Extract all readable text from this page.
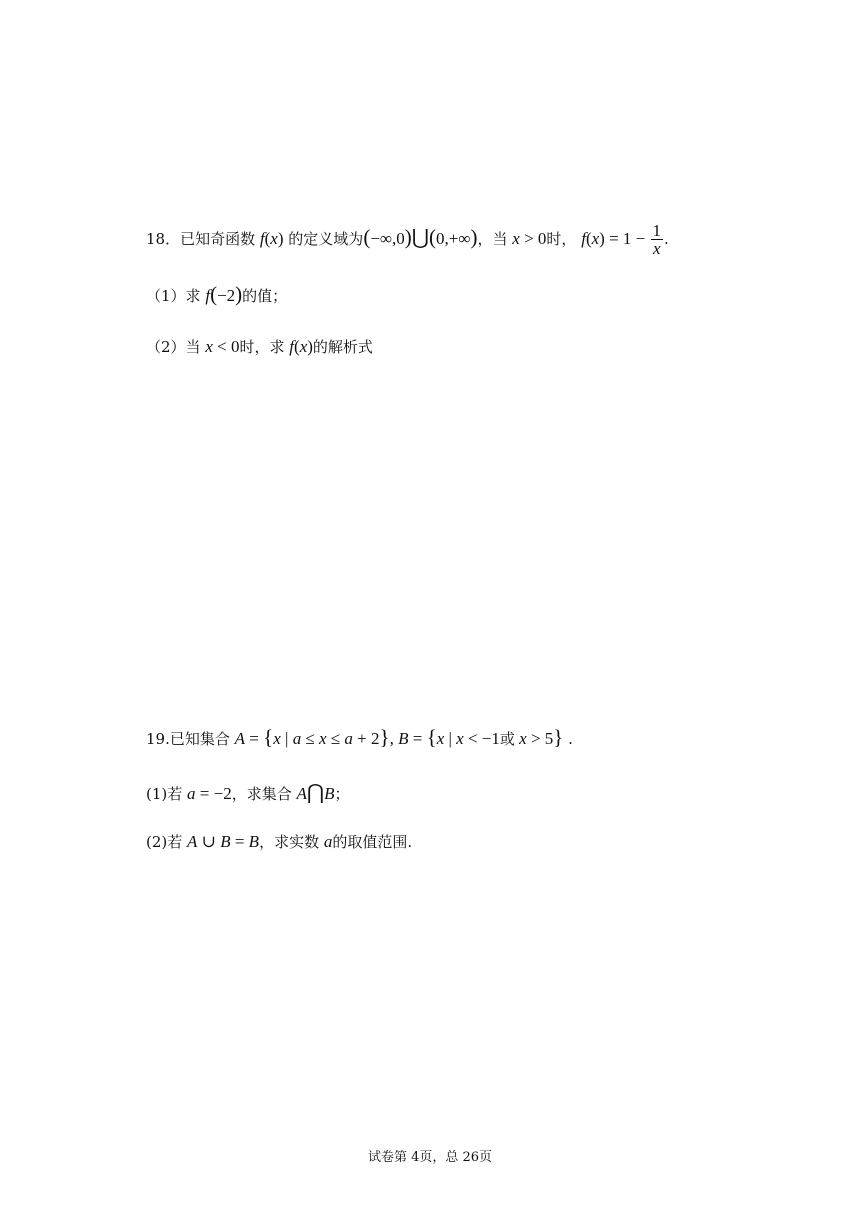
18．已知奇函数 f(x) 的定义域为(−∞,0)⋃(0,+∞)，当 x > 0时， $f(x) = 1 - \frac{1}{x}$ .
（1）求 f(−2)的值；
（2）当 x < 0时，求 f(x)的解析式
19.已知集合 A = {x | a ≤ x ≤ a + 2}, B = {x | x < −1或 x > 5} .
(1)若 a = −2，求集合 A⋂B；
(2)若 A ∪ B = B，求实数 a的取值范围.
试卷第 4页，总 26页
